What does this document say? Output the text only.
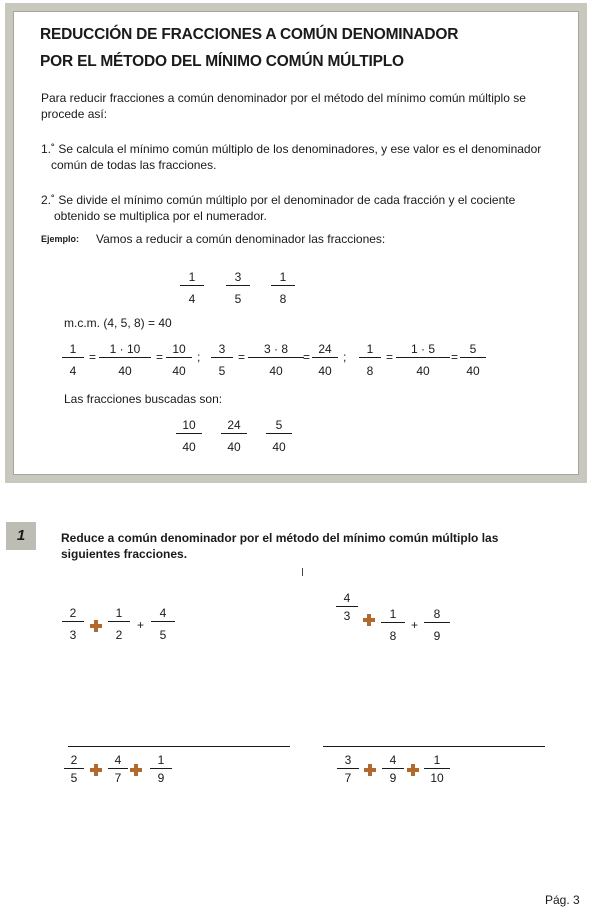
REDUCCIÓN DE FRACCIONES A COMÚN DENOMINADOR
POR EL MÉTODO DEL MÍNIMO COMÚN MÚLTIPLO
Para reducir fracciones a común denominador por el método del mínimo común múltiplo se procede así:
1.˚ Se calcula el mínimo común múltiplo de los denominadores, y ese valor es el denominador común de todas las fracciones.
2.˚ Se divide el mínimo común múltiplo por el denominador de cada fracción y el cociente obtenido se multiplica por el numerador.
Ejemplo: Vamos a reducir a común denominador las fracciones:
$\frac{1}{4} \frac{3}{5} \frac{1}{8}$
m.c.m. (4, 5, 8) = 40
$\frac{1}{4} = \frac{1 \cdot 10}{40} = \frac{10}{40}$ ; $\frac{3}{5} = \frac{3 \cdot 8}{40} = \frac{24}{40}$ ; $\frac{1}{8} = \frac{1 \cdot 5}{40} = \frac{5}{40}$
Las fracciones buscadas son:
$\frac{10}{40} \frac{24}{40} \frac{5}{40}$
1	Reduce a común denominador por el método del mínimo común múltiplo las siguientes fracciones.
$\frac{2}{3} \frac{1}{2} + \frac{4}{5}$	$\frac{4}{3} \frac{1}{8} + \frac{8}{9}$
$\frac{2}{5} \frac{4}{7} \frac{1}{9}$	$\frac{3}{7} \frac{4}{9} \frac{1}{10}$
Pág. 3
